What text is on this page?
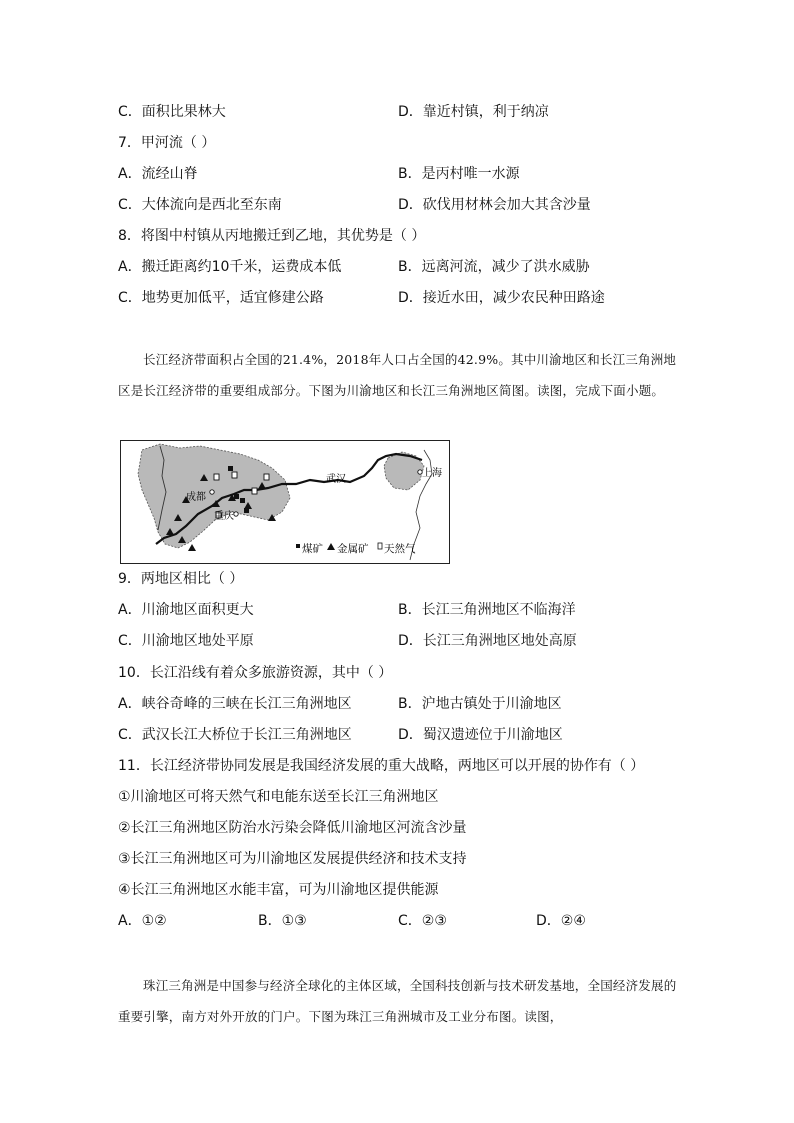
C．面积比果林大	D．靠近村镇，利于纳凉
7．甲河流（ ）
A．流经山脊	B．是丙村唯一水源
C．大体流向是西北至东南	D．砍伐用材林会加大其含沙量
8．将图中村镇从丙地搬迁到乙地，其优势是（ ）
A．搬迁距离约10千米，运费成本低	B．远离河流，减少了洪水威胁
C．地势更加低平，适宜修建公路	D．接近水田，减少农民种田路途
长江经济带面积占全国的21.4%，2018年人口占全国的42.9%。其中川渝地区和长江三角洲地区是长江经济带的重要组成部分。下图为川渝地区和长江三角洲地区简图。读图，完成下面小题。
成都
重庆
武汉
上海
煤矿 金属矿 天然气
9．两地区相比（ ）
A．川渝地区面积更大	B．长江三角洲地区不临海洋
C．川渝地区地处平原	D．长江三角洲地区地处高原
10．长江沿线有着众多旅游资源，其中（ ）
A．峡谷奇峰的三峡在长江三角洲地区	B．沪地古镇处于川渝地区
C．武汉长江大桥位于长江三角洲地区	D．蜀汉遗迹位于川渝地区
11．长江经济带协同发展是我国经济发展的重大战略，两地区可以开展的协作有（ ）
①川渝地区可将天然气和电能东送至长江三角洲地区
②长江三角洲地区防治水污染会降低川渝地区河流含沙量
③长江三角洲地区可为川渝地区发展提供经济和技术支持
④长江三角洲地区水能丰富，可为川渝地区提供能源
A．①②	B．①③	C．②③	D．②④
珠江三角洲是中国参与经济全球化的主体区域，全国科技创新与技术研发基地，全国经济发展的重要引擎，南方对外开放的门户。下图为珠江三角洲城市及工业分布图。读图，
